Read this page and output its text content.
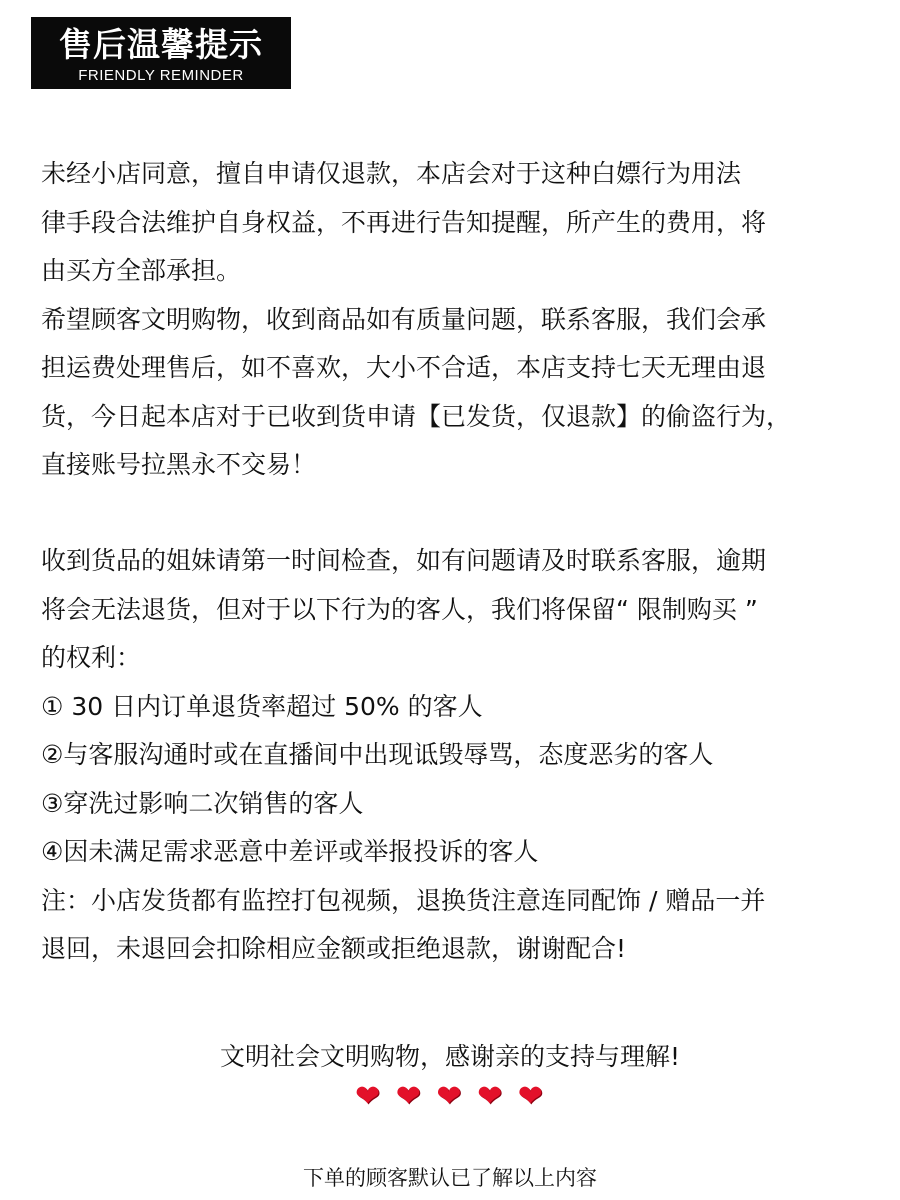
售后温馨提示
FRIENDLY REMINDER
未经小店同意，擅自申请仅退款，本店会对于这种白嫖行为用法
律手段合法维护自身权益，不再进行告知提醒，所产生的费用，将
由买方全部承担。
希望顾客文明购物，收到商品如有质量问题，联系客服，我们会承
担运费处理售后，如不喜欢，大小不合适，本店支持七天无理由退
货，今日起本店对于已收到货申请【已发货，仅退款】的偷盗行为，
直接账号拉黑永不交易！
收到货品的姐妹请第一时间检查，如有问题请及时联系客服，逾期
将会无法退货，但对于以下行为的客人，我们将保留“ 限制购买 ”
的权利：
① 30 日内订单退货率超过 50% 的客人
②与客服沟通时或在直播间中出现诋毁辱骂，态度恶劣的客人
③穿洗过影响二次销售的客人
④因未满足需求恶意中差评或举报投诉的客人
注：小店发货都有监控打包视频，退换货注意连同配饰 / 赠品一并
退回，未退回会扣除相应金额或拒绝退款，谢谢配合!
文明社会文明购物，感谢亲的支持与理解!
❤ ❤ ❤ ❤ ❤
下单的顾客默认已了解以上内容
